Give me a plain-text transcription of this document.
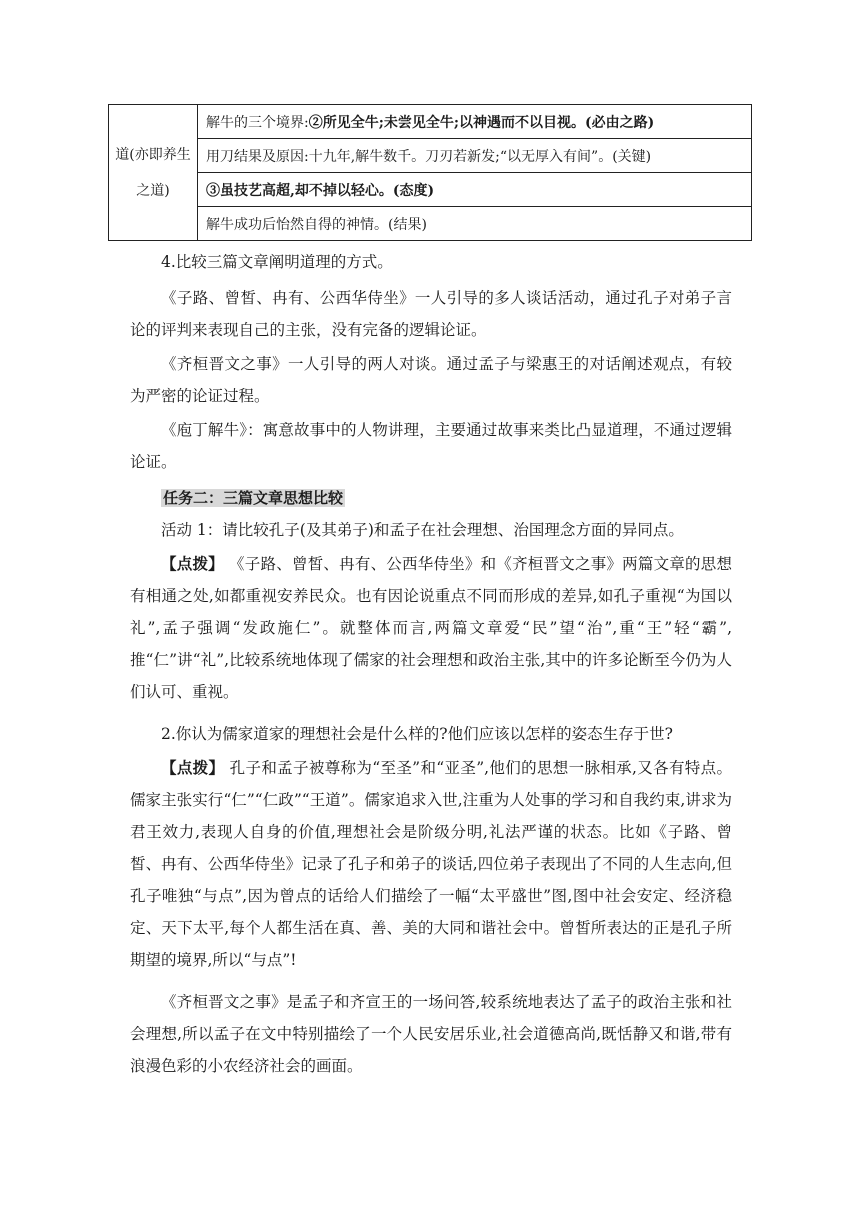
道(亦即养生之道)	解牛的三个境界:②所见全牛;未尝见全牛;以神遇而不以目视。(必由之路)
用刀结果及原因:十九年,解牛数千。刀刃若新发;“以无厚入有间”。(关键)
③虽技艺高超,却不掉以轻心。(态度)
解牛成功后怡然自得的神情。(结果)
4.比较三篇文章阐明道理的方式。
《子路、曾皙、冉有、公西华侍坐》一人引导的多人谈话活动，通过孔子对弟子言论的评判来表现自己的主张，没有完备的逻辑论证。
《齐桓晋文之事》一人引导的两人对谈。通过孟子与梁惠王的对话阐述观点，有较为严密的论证过程。
《庖丁解牛》：寓意故事中的人物讲理，主要通过故事来类比凸显道理，不通过逻辑论证。
任务二：三篇文章思想比较
活动 1：请比较孔子(及其弟子)和孟子在社会理想、治国理念方面的异同点。
【点拨】 《子路、曾皙、冉有、公西华侍坐》和《齐桓晋文之事》两篇文章的思想有相通之处,如都重视安养民众。也有因论说重点不同而形成的差异,如孔子重视“为国以礼”,孟子强调“发政施仁”。就整体而言,两篇文章爱“民”望“治”,重“王”轻“霸”,推“仁”讲“礼”,比较系统地体现了儒家的社会理想和政治主张,其中的许多论断至今仍为人们认可、重视。
2.你认为儒家道家的理想社会是什么样的?他们应该以怎样的姿态生存于世?
【点拨】 孔子和孟子被尊称为“至圣”和“亚圣”,他们的思想一脉相承,又各有特点。儒家主张实行“仁”“仁政”“王道”。儒家追求入世,注重为人处事的学习和自我约束,讲求为君王效力,表现人自身的价值,理想社会是阶级分明,礼法严谨的状态。比如《子路、曾皙、冉有、公西华侍坐》记录了孔子和弟子的谈话,四位弟子表现出了不同的人生志向,但孔子唯独“与点”,因为曾点的话给人们描绘了一幅“太平盛世”图,图中社会安定、经济稳定、天下太平,每个人都生活在真、善、美的大同和谐社会中。曾皙所表达的正是孔子所期望的境界,所以“与点”!
《齐桓晋文之事》是孟子和齐宣王的一场问答,较系统地表达了孟子的政治主张和社会理想,所以孟子在文中特别描绘了一个人民安居乐业,社会道德高尚,既恬静又和谐,带有浪漫色彩的小农经济社会的画面。
